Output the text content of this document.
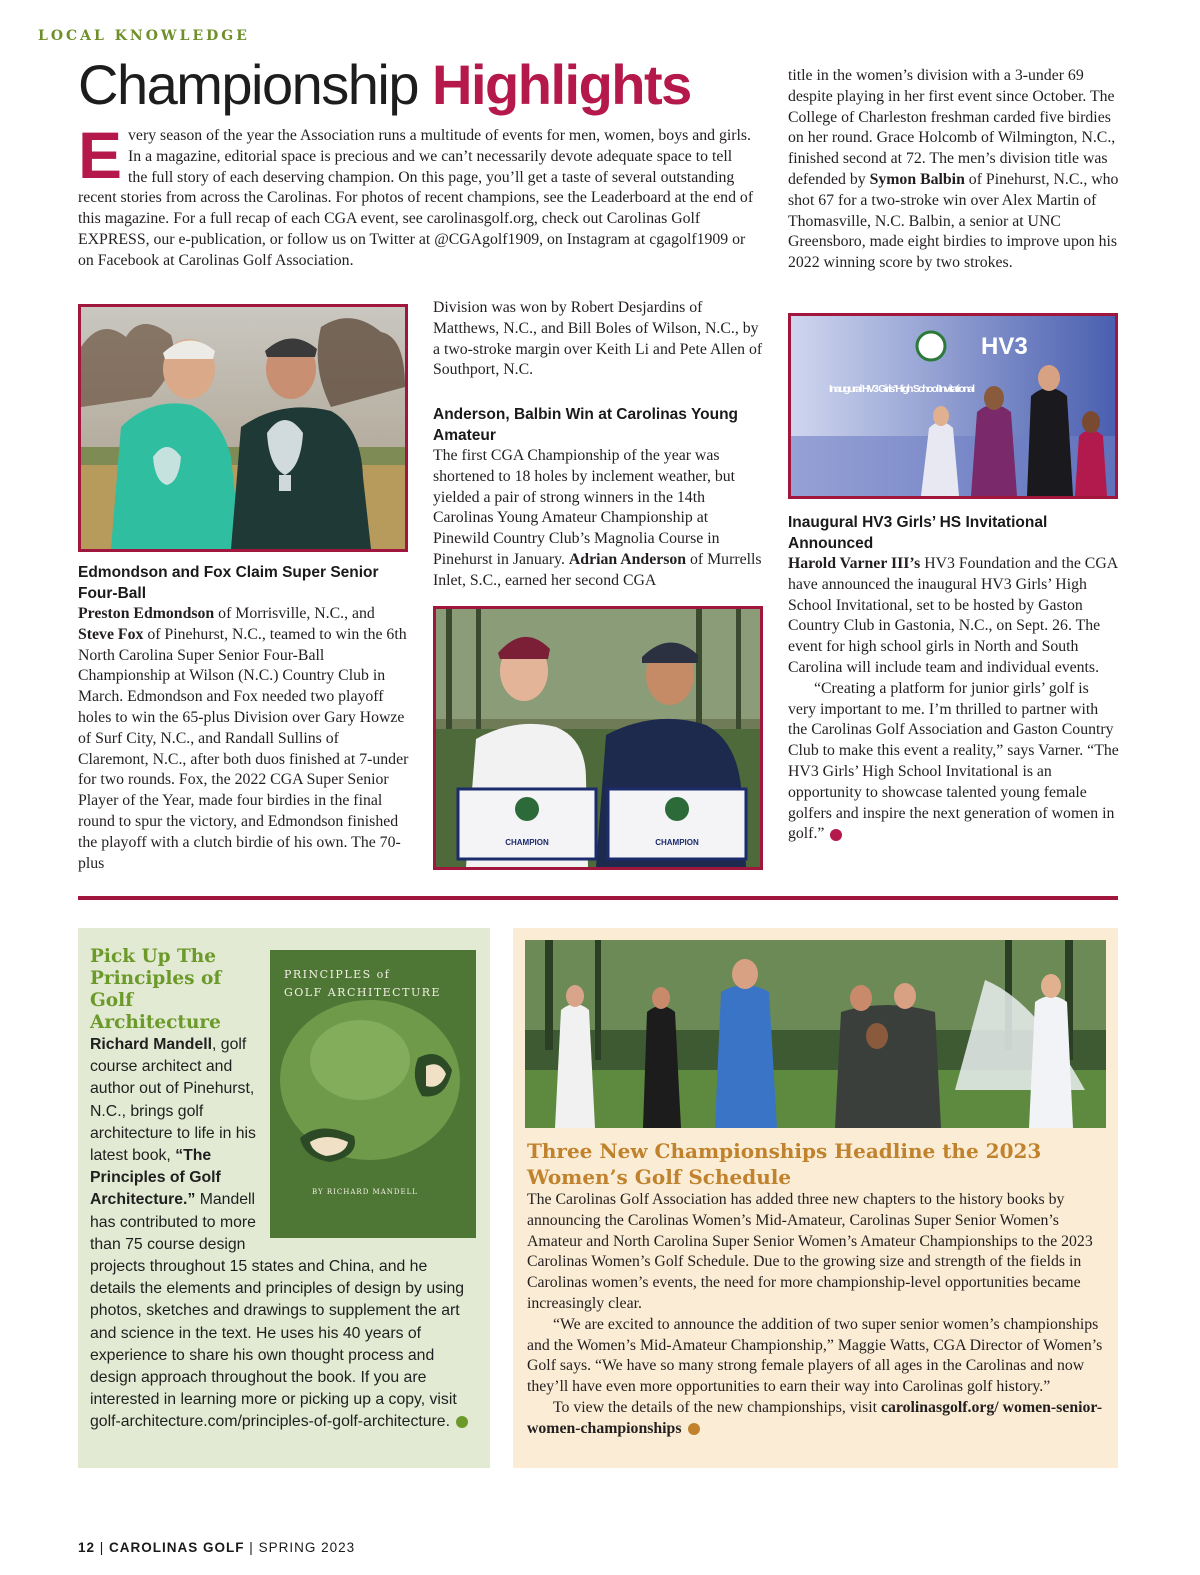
LOCAL KNOWLEDGE
Championship Highlights
Every season of the year the Association runs a multitude of events for men, women, boys and girls. In a magazine, editorial space is precious and we can’t necessarily devote adequate space to tell the full story of each deserving champion. On this page, you’ll get a taste of several outstanding recent stories from across the Carolinas. For photos of recent champions, see the Leaderboard at the end of this magazine. For a full recap of each CGA event, see carolinasgolf.org, check out Carolinas Golf EXPRESS, our e-publication, or follow us on Twitter at @CGAgolf1909, on Instagram at cgagolf1909 or on Facebook at Carolinas Golf Association.
Edmondson and Fox Claim Super Senior Four-Ball

Preston Edmondson of Morrisville, N.C., and Steve Fox of Pinehurst, N.C., teamed to win the 6th North Carolina Super Senior Four-Ball Championship at Wilson (N.C.) Country Club in March. Edmondson and Fox needed two playoff holes to win the 65-plus Division over Gary Howze of Surf City, N.C., and Randall Sullins of Claremont, N.C., after both duos finished at 7-under for two rounds. Fox, the 2022 CGA Super Senior Player of the Year, made four birdies in the final round to spur the victory, and Edmondson finished the playoff with a clutch birdie of his own. The 70-plus

Division was won by Robert Desjardins of Matthews, N.C., and Bill Boles of Wilson, N.C., by a two-stroke margin over Keith Li and Pete Allen of Southport, N.C.
Anderson, Balbin Win at Carolinas Young Amateur

The first CGA Championship of the year was shortened to 18 holes by inclement weather, but yielded a pair of strong winners in the 14th Carolinas Young Amateur Championship at Pinewild Country Club’s Magnolia Course in Pinehurst in January. Adrian Anderson of Murrells Inlet, S.C., earned her second CGA

CHAMPION	CHAMPION
title in the women’s division with a 3-under 69 despite playing in her first event since October. The College of Charleston freshman carded five birdies on her round. Grace Holcomb of Wilmington, N.C., finished second at 72. The men’s division title was defended by Symon Balbin of Pinehurst, N.C., who shot 67 for a two-stroke win over Alex Martin of Thomasville, N.C. Balbin, a senior at UNC Greensboro, made eight birdies to improve upon his 2022 winning score by two strokes.
HV3
Inaugural HV3 Girls’ High School Invitational
Inaugural HV3 Girls’ HS Invitational Announced

Harold Varner III’s HV3 Foundation and the CGA have announced the inaugural HV3 Girls’ High School Invitational, set to be hosted by Gaston Country Club in Gastonia, N.C., on Sept. 26. The event for high school girls in North and South Carolina will include team and individual events.

“Creating a platform for junior girls’ golf is very important to me. I’m thrilled to partner with the Carolinas Golf Association and Gaston Country Club to make this event a reality,” says Varner. “The HV3 Girls’ High School Invitational is an opportunity to showcase talented young female golfers and inspire the next generation of women in golf.”

PRINCIPLES of
GOLF ARCHITECTURE
BY RICHARD MANDELL
Pick Up The Principles of Golf Architecture
Richard Mandell, golf course architect and author out of Pinehurst, N.C., brings golf architecture to life in his latest book, “The Principles of Golf Architecture.” Mandell has contributed to more than 75 course design projects throughout 15 states and China, and he details the elements and principles of design by using photos, sketches and drawings to supplement the art and science in the text. He uses his 40 years of experience to share his own thought process and design approach throughout the book. If you are interested in learning more or picking up a copy, visit golf-architecture.com/principles-of-golf-architecture.
Three New Championships Headline the 2023 Women’s Golf Schedule

The Carolinas Golf Association has added three new chapters to the history books by announcing the Carolinas Women’s Mid-Amateur, Carolinas Super Senior Women’s Amateur and North Carolina Super Senior Women’s Amateur Championships to the 2023 Carolinas Women’s Golf Schedule. Due to the growing size and strength of the fields in Carolinas women’s events, the need for more championship-level opportunities became increasingly clear.

“We are excited to announce the addition of two super senior women’s championships and the Women’s Mid-Amateur Championship,” Maggie Watts, CGA Director of Women’s Golf says. “We have so many strong female players of all ages in the Carolinas and now they’ll have even more opportunities to earn their way into Carolinas golf history.”

To view the details of the new championships, visit carolinasgolf.org/ women-senior-women-championships

12 | CAROLINAS GOLF | SPRING 2023
